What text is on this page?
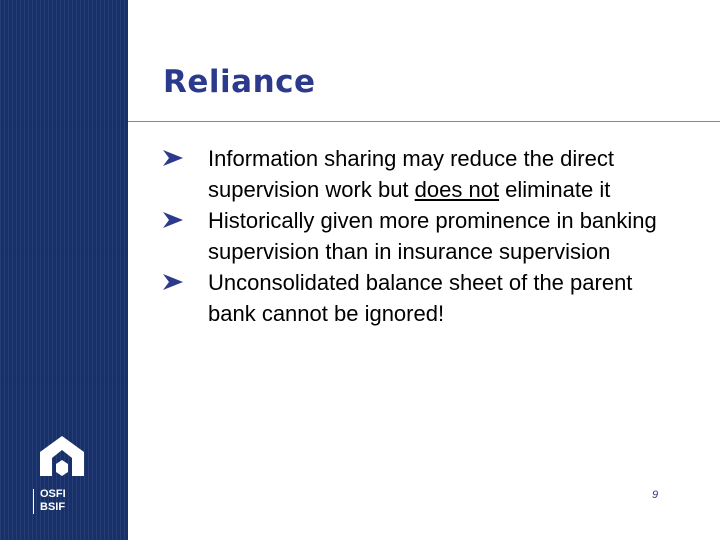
OSFI
BSIF
Reliance
Information sharing may reduce the direct supervision work but does not eliminate it
Historically given more prominence in banking supervision than in insurance supervision
Unconsolidated balance sheet of the parent bank cannot be ignored!
9
